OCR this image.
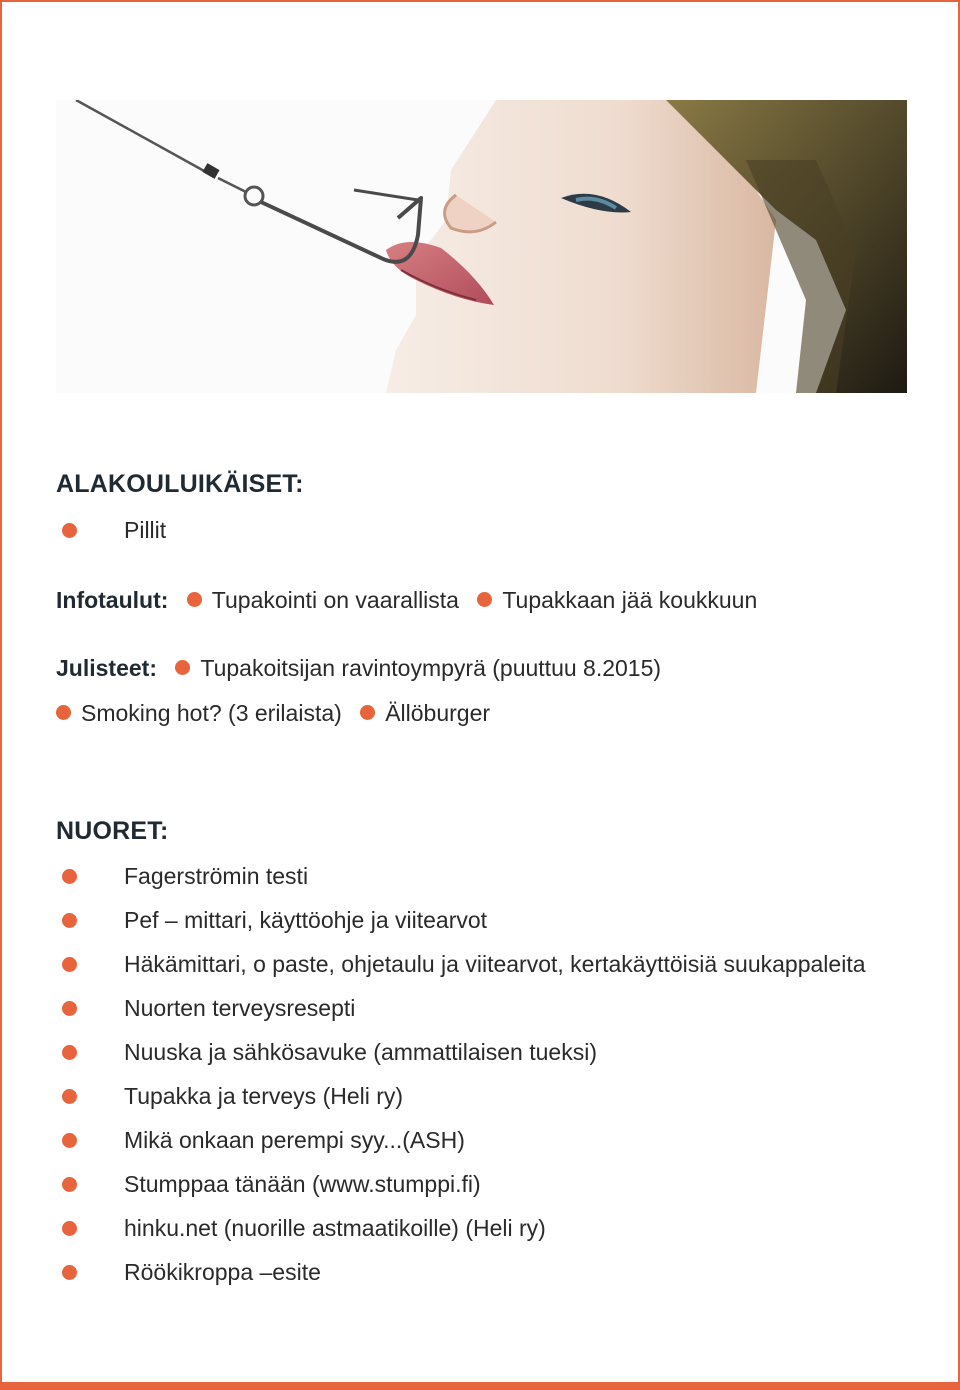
ALAKOULUIKÄISET:
Pillit
Infotaulut: Tupakointi on vaarallista Tupakkaan jää koukkuun
Julisteet: Tupakoitsijan ravintoympyrä (puuttuu 8.2015)
Smoking hot? (3 erilaista) Ällöburger
NUORET:
Fagerströmin testi
Pef – mittari, käyttöohje ja viitearvot
Häkämittari, o paste, ohjetaulu ja viitearvot, kertakäyttöisiä suukappaleita
Nuorten terveysresepti
Nuuska ja sähkösavuke (ammattilaisen tueksi)
Tupakka ja terveys (Heli ry)
Mikä onkaan perempi syy...(ASH)
Stumppaa tänään (www.stumppi.fi)
hinku.net (nuorille astmaatikoille) (Heli ry)
Röökikroppa –esite
